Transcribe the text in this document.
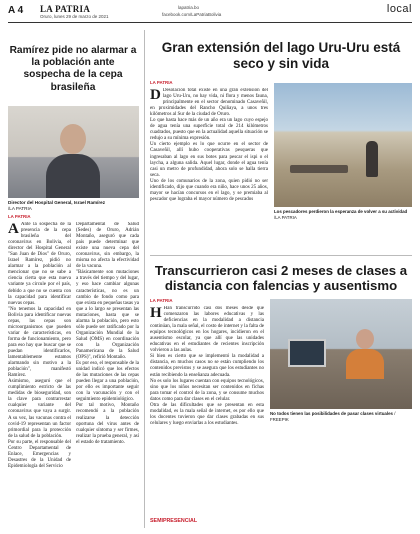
A 4 LA PATRIA
Oruro, lunes 29 de marzo de 2021
lapatria.bo
facebook.com/LaPatriaBolivia	local
Ramírez pide no alarmar a la población ante sospecha de la cepa brasileña
Director del Hospital General, Israel Ramírez
/LA PATRIA
LA PATRIA

A Ante la sospecha de la presencia de la cepa brasileña del coronavirus en Bolivia, el director del Hospital General "San Juan de Dios" de Oruro, Israel Ramírez, pidió no alarmar a la población al mencionar que no se sabe a ciencia cierta que esta nueva variante ya circule por el país, debido a que no se cuenta con la capacidad para identificar nuevas cepas.

"No tenemos la capacidad en Bolivia para identificar nuevas cepas, las cepas son microorganismos que pueden variar de características, en forma de funcionamiento, pero para eso hay que buscar que se puedan identificarlos, lamentablemente estamos alarmando sin motivo a la población", manifestó Ramírez.

Asimismo, aseguró que el cumplimiento estricto de las medidas de bioseguridad, son la clave para contrarrestar cualquier variante del coronavirus que vaya a surgir. A su vez, las vacunas contra el covid-19 representan un factor primordial para la protección de la salud de la población.

Por su parte, el responsable del Centro Departamental de Enlace, Emergencias y Desastres de la Unidad de Epidemiología del Servicio

Departamental de Salud (Sedes) de Oruro, Adrián Montaño, aseguró que cada país puede determinar que existe una nueva cepa del coronavirus, sin embargo, la misma no afecta la efectividad de la vacuna.

"Básicamente son mutaciones a través del tiempo y del lugar, y eso hace cambiar algunas características, no es un cambio de fondo como para que exista en pequeñas tasas ya que a lo largo se presentan las mutaciones, hasta que se alarma la población, pero esto sólo puede ser ratificado por la Organización Mundial de la Salud (OMS) en coordinación con la Organización Panamericana de la Salud (OPS)", refirió Montaño.

Es por eso, el responsable de la unidad indicó que los efectos de las mutaciones de las cepas pueden llegar a una población, por ello es importante seguir con la vacunación y con el seguimiento epidemiológico.

Por tal motivo, Montaño recomendó a la población realizarse la detección oportuna del virus antes de cualquier síntoma y ser firmes, realizar la prueba general, y así el estado de tratamiento.

Gran extensión del lago Uru-Uru está seco y sin vida
LA PATRIA

D Desolación total existe en una gran extensión del lago Uru-Uru, no hay vida, ni flora y menos fauna, principalmente en el sector denominado Casaveñil, en proximidades del Rancho Quiñaya, a unos tres kilómetros al Sur de la ciudad de Oruro.

Lo que hasta hace más de un año era un lago cuyo espejo de agua tenía una superficie total de 214 kilómetros cuadrados, puesto que en la actualidad aquella situación se redujo a su mínima expresión.

Un cierto ejemplo es lo que ocurre en el sector de Casaveñil, allí hubo cooperativas pesqueras que ingresaban al lago en sus botes para pescar el ispi o el laycha, a alguna salida. Aquel lugar, donde el agua tenía casi un metro de profundidad, ahora solo se halla tierra seca.

Uno de los comunarios de la zona, quien pidió no ser identificado, dijo que cuando era niño, hace unos 25 años, mayor se hacían concursos en el lago, y se premiaba al pescador que lograba el mayor número de pescados

Los pescadores perdieron la esperanza de volver a su actividad /LA PATRIA
Transcurrieron casi 2 meses de clases a distancia con falencias y ausentismo
LA PATRIA

H Han transcurrido casi dos meses desde que comenzaron las labores educativas y las deficiencias en la modalidad a distancia continúan, la mala señal, el costo de internet y la falta de equipos tecnológicos en los hogares, incidieron en el ausentismo escolar, ya que allí que las unidades educativas en el estudiantes de recientes inscripción volvieron a las aulas.

Si bien es cierto que se implementó la modalidad a distancia, en muchos casos no se están cumpliendo los contenidos previstos y se asegura que los estudiantes no están recibiendo la enseñanza adecuada.

No es solo los lugares cuentan con equipos tecnológicos, sino que los niños necesitan ser contenidos en fichas para tomar el control de la zona, y se consume muchos datos como para dar clases en el celular.

Otra de las dificultades que se presentan en esta modalidad, es la mala señal de internet, es por ello que los docentes tuvieron que dar clases grabadas en sus celulares y luego enviarlas a los estudiantes.

No todos tienen las posibilidades de pasar clases virtuales / FREEPIK
SEMIPRESENCIAL
